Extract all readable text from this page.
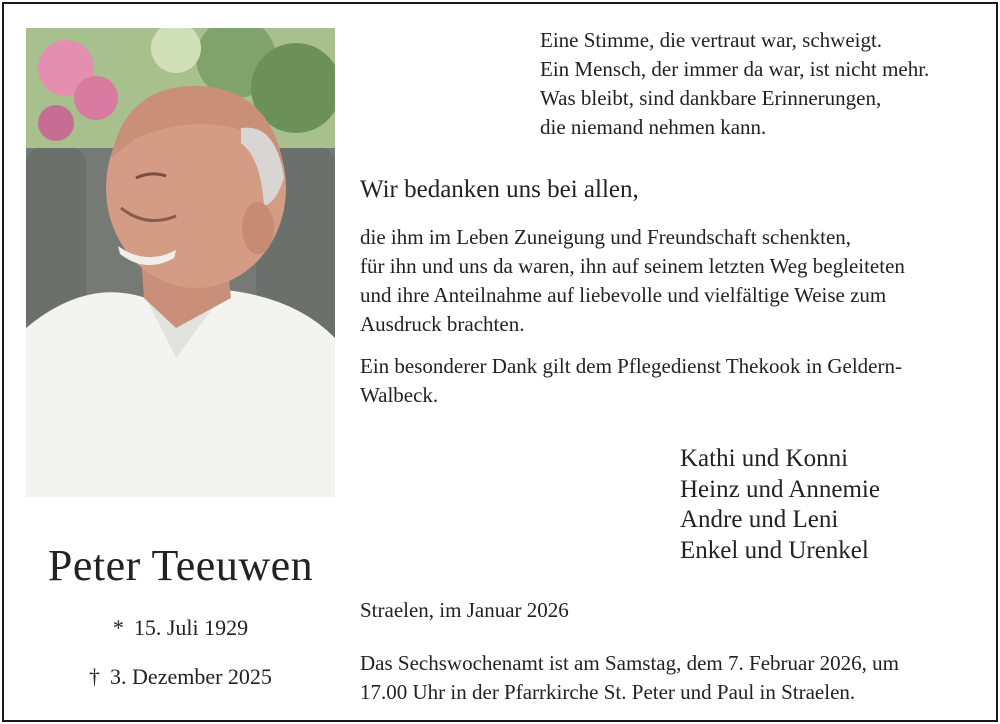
Peter Teeuwen
* 15. Juli 1929
† 3. Dezember 2025
Eine Stimme, die vertraut war, schweigt.
Ein Mensch, der immer da war, ist nicht mehr.
Was bleibt, sind dankbare Erinnerungen,
die niemand nehmen kann.
Wir bedanken uns bei allen,
die ihm im Leben Zuneigung und Freundschaft schenkten,
für ihn und uns da waren, ihn auf seinem letzten Weg begleiteten
und ihre Anteilnahme auf liebevolle und vielfältige Weise zum
Ausdruck brachten.
Ein besonderer Dank gilt dem Pflegedienst Thekook in Geldern-
Walbeck.
Kathi und Konni
Heinz und Annemie
Andre und Leni
Enkel und Urenkel
Straelen, im Januar 2026
Das Sechswochenamt ist am Samstag, dem 7. Februar 2026, um
17.00 Uhr in der Pfarrkirche St. Peter und Paul in Straelen.
